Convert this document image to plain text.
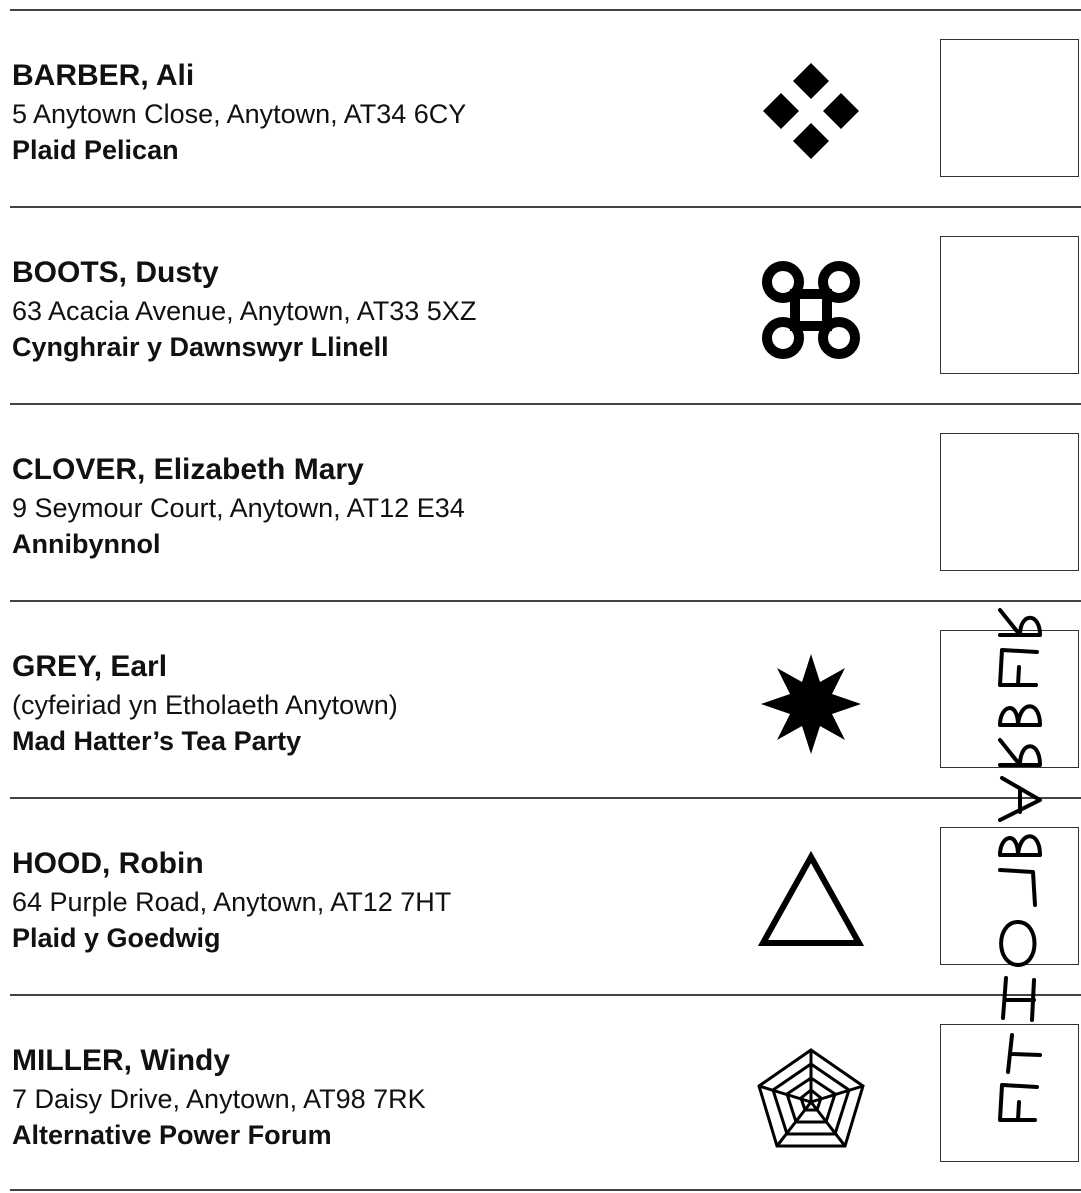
BARBER, Ali
5 Anytown Close, Anytown, AT34 6CY
Plaid Pelican
BOOTS, Dusty
63 Acacia Avenue, Anytown, AT33 5XZ
Cynghrair y Dawnswyr Llinell
CLOVER, Elizabeth Mary
9 Seymour Court, Anytown, AT12 E34
Annibynnol
GREY, Earl
(cyfeiriad yn Etholaeth Anytown)
Mad Hatter’s Tea Party
HOOD, Robin
64 Purple Road, Anytown, AT12 7HT
Plaid y Goedwig
MILLER, Windy
7 Daisy Drive, Anytown, AT98 7RK
Alternative Power Forum
